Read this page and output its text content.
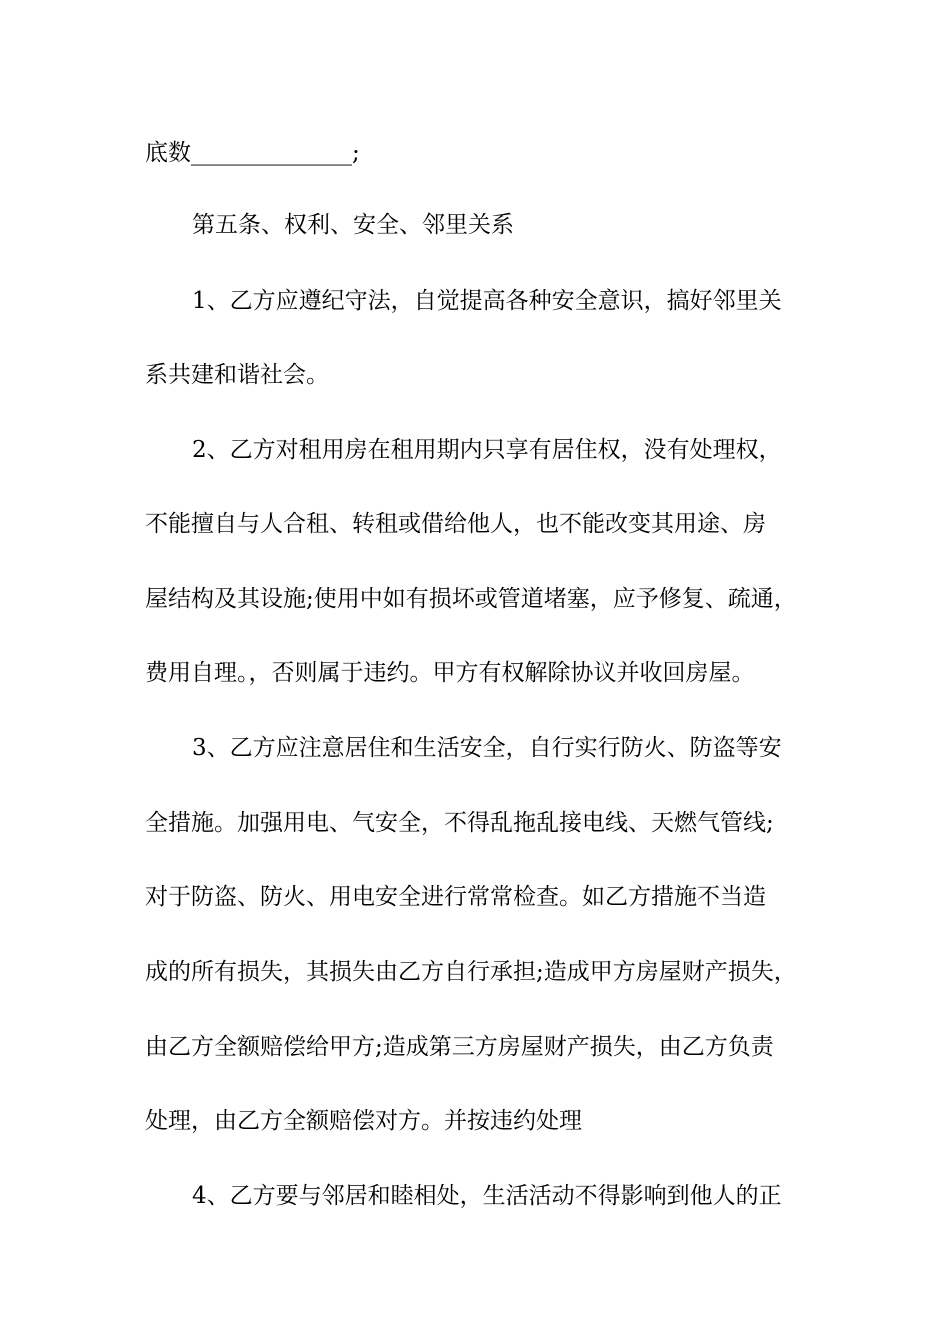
底数______________;

第五条、权利、安全、邻里关系

1、乙方应遵纪守法，自觉提高各种安全意识，搞好邻里关

系共建和谐社会。

2、乙方对租用房在租用期内只享有居住权，没有处理权，

不能擅自与人合租、转租或借给他人，也不能改变其用途、房

屋结构及其设施;使用中如有损坏或管道堵塞，应予修复、疏通，

费用自理。，否则属于违约。甲方有权解除协议并收回房屋。

3、乙方应注意居住和生活安全，自行实行防火、防盗等安

全措施。加强用电、气安全，不得乱拖乱接电线、天燃气管线;

对于防盗、防火、用电安全进行常常检查。如乙方措施不当造

成的所有损失，其损失由乙方自行承担;造成甲方房屋财产损失，

由乙方全额赔偿给甲方;造成第三方房屋财产损失，由乙方负责

处理，由乙方全额赔偿对方。并按违约处理

4、乙方要与邻居和睦相处，生活活动不得影响到他人的正
